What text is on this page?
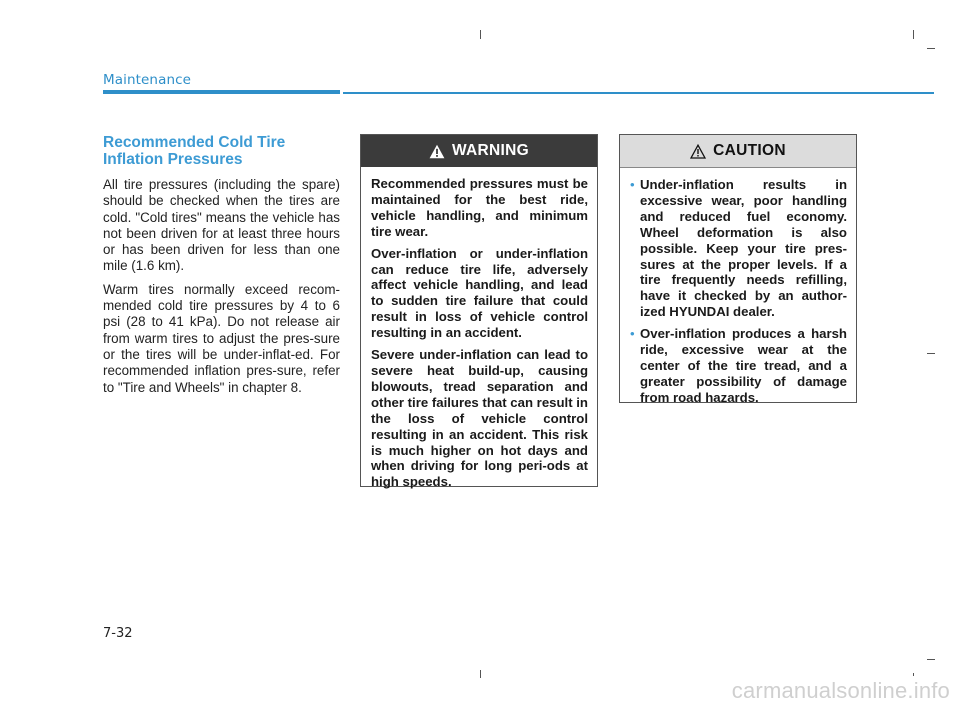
Maintenance
Recommended Cold Tire Inflation Pressures

All tire pressures (including the spare) should be checked when the tires are cold. "Cold tires" means the vehicle has not been driven for at least three hours or has been driven for less than one mile (1.6 km).

Warm tires normally exceed recom-mended cold tire pressures by 4 to 6 psi (28 to 41 kPa). Do not release air from warm tires to adjust the pres-sure or the tires will be under-inflat-ed. For recommended inflation pres-sure, refer to "Tire and Wheels" in chapter 8.

WARNING

Recommended pressures must be maintained for the best ride, vehicle handling, and minimum tire wear.

Over-inflation or under-inflation can reduce tire life, adversely affect vehicle handling, and lead to sudden tire failure that could result in loss of vehicle control resulting in an accident.

Severe under-inflation can lead to severe heat build-up, causing blowouts, tread separation and other tire failures that can result in the loss of vehicle control resulting in an accident. This risk is much higher on hot days and when driving for long peri-ods at high speeds.

CAUTION
• Under-inflation results in excessive wear, poor handling and reduced fuel economy. Wheel deformation is also possible. Keep your tire pres-sures at the proper levels. If a tire frequently needs refilling, have it checked by an author-ized HYUNDAI dealer.

• Over-inflation produces a harsh ride, excessive wear at the center of the tire tread, and a greater possibility of damage from road hazards.

7-32
carmanualsonline.info
